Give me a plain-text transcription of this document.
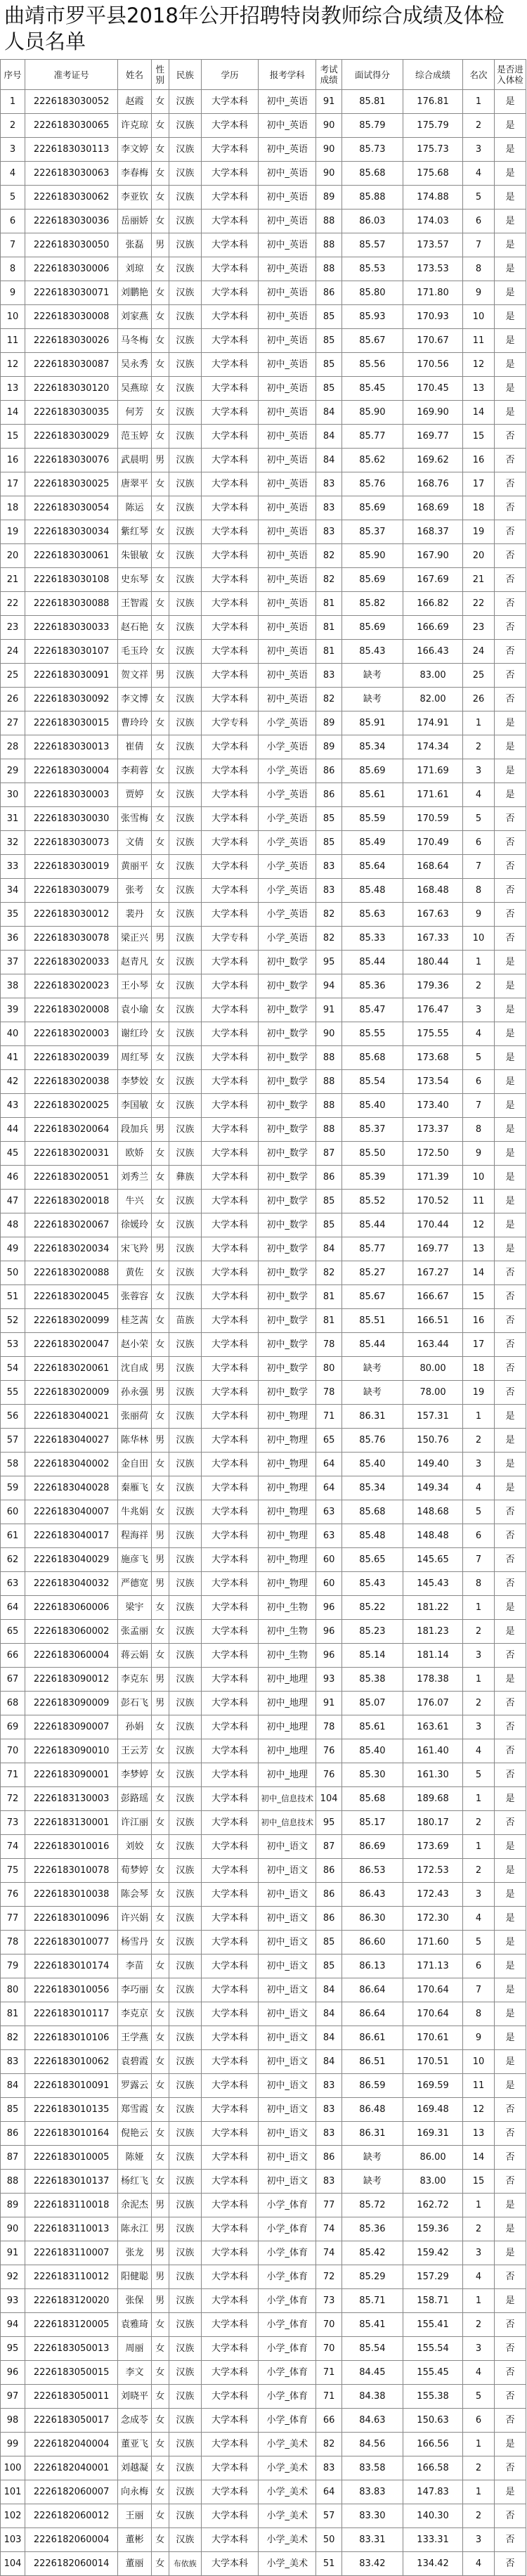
曲靖市罗平县2018年公开招聘特岗教师综合成绩及体检人员名单
序号	准考证号	姓名	性别	民族	学历	报考学科	考试成绩	面试得分	综合成绩	名次	是否进入体检
1	2226183030052	赵霞	女	汉族	大学本科	初中_英语	91	85.81	176.81	1	是
2	2226183030065	许克琼	女	汉族	大学本科	初中_英语	90	85.79	175.79	2	是
3	2226183030113	李文婷	女	汉族	大学本科	初中_英语	90	85.73	175.73	3	是
4	2226183030063	李春梅	女	汉族	大学本科	初中_英语	90	85.68	175.68	4	是
5	2226183030062	李亚钦	女	汉族	大学本科	初中_英语	89	85.88	174.88	5	是
6	2226183030036	岳丽娇	女	汉族	大学本科	初中_英语	88	86.03	174.03	6	是
7	2226183030050	张磊	男	汉族	大学本科	初中_英语	88	85.57	173.57	7	是
8	2226183030006	刘琼	女	汉族	大学本科	初中_英语	88	85.53	173.53	8	是
9	2226183030071	刘鹏艳	女	汉族	大学本科	初中_英语	86	85.80	171.80	9	是
10	2226183030008	刘家燕	女	汉族	大学本科	初中_英语	85	85.93	170.93	10	是
11	2226183030026	马冬梅	女	汉族	大学本科	初中_英语	85	85.67	170.67	11	是
12	2226183030087	吴永秀	女	汉族	大学本科	初中_英语	85	85.56	170.56	12	是
13	2226183030120	吴燕琼	女	汉族	大学本科	初中_英语	85	85.45	170.45	13	是
14	2226183030035	何芳	女	汉族	大学本科	初中_英语	84	85.90	169.90	14	是
15	2226183030029	范玉婷	女	汉族	大学本科	初中_英语	84	85.77	169.77	15	否
16	2226183030076	武晨明	男	汉族	大学本科	初中_英语	84	85.62	169.62	16	否
17	2226183030025	唐翠平	女	汉族	大学本科	初中_英语	83	85.76	168.76	17	否
18	2226183030054	陈运	女	汉族	大学本科	初中_英语	83	85.69	168.69	18	否
19	2226183030034	紫红琴	女	汉族	大学本科	初中_英语	83	85.37	168.37	19	否
20	2226183030061	朱银敏	女	汉族	大学本科	初中_英语	82	85.90	167.90	20	否
21	2226183030108	史东琴	女	汉族	大学本科	初中_英语	82	85.69	167.69	21	否
22	2226183030088	王智霞	女	汉族	大学本科	初中_英语	81	85.82	166.82	22	否
23	2226183030033	赵石艳	女	汉族	大学本科	初中_英语	81	85.69	166.69	23	否
24	2226183030107	毛玉玲	女	汉族	大学本科	初中_英语	81	85.43	166.43	24	否
25	2226183030091	贺文祥	男	汉族	大学本科	初中_英语	83	缺考	83.00	25	否
26	2226183030092	李文博	女	汉族	大学本科	初中_英语	82	缺考	82.00	26	否
27	2226183030015	曹玲玲	女	汉族	大学专科	小学_英语	89	85.91	174.91	1	是
28	2226183030013	崔倩	女	汉族	大学本科	小学_英语	89	85.34	174.34	2	是
29	2226183030004	李莉蓉	女	汉族	大学本科	小学_英语	86	85.69	171.69	3	是
30	2226183030003	贾婷	女	汉族	大学本科	小学_英语	86	85.61	171.61	4	是
31	2226183030030	张雪梅	女	汉族	大学本科	小学_英语	85	85.59	170.59	5	否
32	2226183030073	文倩	女	汉族	大学本科	小学_英语	85	85.49	170.49	6	否
33	2226183030019	黄丽平	女	汉族	大学本科	小学_英语	83	85.64	168.64	7	否
34	2226183030079	张考	女	汉族	大学本科	小学_英语	83	85.48	168.48	8	否
35	2226183030012	裴丹	女	汉族	大学本科	小学_英语	82	85.63	167.63	9	否
36	2226183030078	梁正兴	男	汉族	大学专科	小学_英语	82	85.33	167.33	10	否
37	2226183020033	赵青凡	女	汉族	大学本科	初中_数学	95	85.44	180.44	1	是
38	2226183020023	王小琴	女	汉族	大学本科	初中_数学	94	85.36	179.36	2	是
39	2226183020008	袁小瑜	女	汉族	大学本科	初中_数学	91	85.47	176.47	3	是
40	2226183020003	谢红玲	女	汉族	大学本科	初中_数学	90	85.55	175.55	4	是
41	2226183020039	周红琴	女	汉族	大学本科	初中_数学	88	85.68	173.68	5	是
42	2226183020038	李梦姣	女	汉族	大学本科	初中_数学	88	85.54	173.54	6	是
43	2226183020025	李国敏	女	汉族	大学本科	初中_数学	88	85.40	173.40	7	是
44	2226183020064	段加兵	男	汉族	大学本科	初中_数学	88	85.37	173.37	8	是
45	2226183020031	欧娇	女	汉族	大学本科	初中_数学	87	85.50	172.50	9	是
46	2226183020051	刘秀兰	女	彝族	大学本科	初中_数学	86	85.39	171.39	10	是
47	2226183020018	牛兴	女	汉族	大学本科	初中_数学	85	85.52	170.52	11	是
48	2226183020067	徐媛玲	女	汉族	大学本科	初中_数学	85	85.44	170.44	12	是
49	2226183020034	宋飞羚	男	汉族	大学本科	初中_数学	84	85.77	169.77	13	是
50	2226183020088	黄佐	女	汉族	大学本科	初中_数学	82	85.27	167.27	14	否
51	2226183020045	张蓉容	女	汉族	大学本科	初中_数学	81	85.67	166.67	15	否
52	2226183020099	桂芝茜	女	苗族	大学本科	初中_数学	81	85.51	166.51	16	否
53	2226183020047	赵小荣	女	汉族	大学本科	初中_数学	78	85.44	163.44	17	否
54	2226183020061	沈自成	男	汉族	大学本科	初中_数学	80	缺考	80.00	18	否
55	2226183020009	孙永强	男	汉族	大学本科	初中_数学	78	缺考	78.00	19	否
56	2226183040021	张丽荷	女	汉族	大学本科	初中_物理	71	86.31	157.31	1	是
57	2226183040027	陈华林	男	汉族	大学本科	初中_物理	65	85.76	150.76	2	是
58	2226183040002	金自田	女	汉族	大学本科	初中_物理	64	85.40	149.40	3	是
59	2226183040028	秦雁飞	女	汉族	大学本科	初中_物理	64	85.34	149.34	4	是
60	2226183040007	牛兆娟	女	汉族	大学本科	初中_物理	63	85.68	148.68	5	否
61	2226183040017	程海祥	男	汉族	大学本科	初中_物理	63	85.48	148.48	6	否
62	2226183040029	施彦飞	男	汉族	大学本科	初中_物理	60	85.65	145.65	7	否
63	2226183040032	严德宽	男	汉族	大学本科	初中_物理	60	85.43	145.43	8	否
64	2226183060006	梁宇	女	汉族	大学本科	初中_生物	96	85.22	181.22	1	是
65	2226183060002	张孟丽	女	汉族	大学本科	初中_生物	96	85.23	181.23	2	是
66	2226183060004	蒋云娟	女	汉族	大学本科	初中_生物	96	85.14	181.14	3	否
67	2226183090012	李克东	男	汉族	大学本科	初中_地理	93	85.38	178.38	1	是
68	2226183090009	彭石飞	男	汉族	大学本科	初中_地理	91	85.07	176.07	2	否
69	2226183090007	孙娟	女	汉族	大学本科	初中_地理	78	85.61	163.61	3	否
70	2226183090010	王云芳	女	汉族	大学本科	初中_地理	76	85.40	161.40	4	否
71	2226183090001	李梦婷	女	汉族	大学本科	初中_地理	76	85.30	161.30	5	否
72	2226183130003	彭路瑶	女	汉族	大学本科	初中_信息技术	104	85.68	189.68	1	是
73	2226183130001	许江丽	女	汉族	大学本科	初中_信息技术	95	85.17	180.17	2	否
74	2226183010016	刘姣	女	汉族	大学本科	初中_语文	87	86.69	173.69	1	是
75	2226183010078	荀梦婷	女	汉族	大学本科	初中_语文	86	86.53	172.53	2	是
76	2226183010038	陈会琴	女	汉族	大学本科	初中_语文	86	86.43	172.43	3	是
77	2226183010096	许兴娟	女	汉族	大学本科	初中_语文	86	86.30	172.30	4	是
78	2226183010077	杨雪丹	女	汉族	大学本科	初中_语文	85	86.60	171.60	5	是
79	2226183010174	李苗	女	汉族	大学本科	初中_语文	85	86.13	171.13	6	是
80	2226183010056	李巧丽	女	汉族	大学本科	初中_语文	84	86.64	170.64	7	是
81	2226183010117	李克京	女	汉族	大学本科	初中_语文	84	86.64	170.64	8	是
82	2226183010106	王学燕	女	汉族	大学本科	初中_语文	84	86.61	170.61	9	是
83	2226183010062	袁碧霞	女	汉族	大学本科	初中_语文	84	86.51	170.51	10	是
84	2226183010091	罗露云	女	汉族	大学本科	初中_语文	83	86.59	169.59	11	是
85	2226183010135	郑雪霞	女	汉族	大学本科	初中_语文	83	86.48	169.48	12	否
86	2226183010164	倪艳云	女	汉族	大学本科	初中_语文	83	86.31	169.31	13	否
87	2226183010005	陈娅	女	汉族	大学本科	初中_语文	86	缺考	86.00	14	否
88	2226183010137	杨红飞	女	汉族	大学本科	初中_语文	83	缺考	83.00	15	否
89	2226183110018	余泥杰	男	汉族	大学本科	小学_体育	77	85.72	162.72	1	是
90	2226183110013	陈永江	男	汉族	大学本科	小学_体育	74	85.36	159.36	2	是
91	2226183110007	张龙	男	汉族	大学本科	小学_体育	74	85.42	159.42	3	是
92	2226183110012	阳健聪	男	汉族	大学本科	小学_体育	72	85.29	157.29	4	否
93	2226183120020	张保	男	汉族	大学本科	小学_体育	73	85.71	158.71	1	是
94	2226183120005	袁雅琦	女	汉族	大学本科	小学_体育	70	85.41	155.41	2	否
95	2226183050013	周丽	女	汉族	大学本科	小学_体育	70	85.54	155.54	3	否
96	2226183050015	李文	女	汉族	大学本科	小学_体育	71	84.45	155.45	4	否
97	2226183050011	刘晓平	女	汉族	大学本科	小学_体育	71	84.38	155.38	5	否
98	2226183050017	念成苓	女	汉族	大学本科	小学_体育	66	84.63	150.63	6	否
99	2226182040004	董亚飞	女	汉族	大学本科	小学_美术	82	84.56	166.56	1	是
100	2226182040001	刘越凝	女	汉族	大学本科	小学_美术	83	83.58	166.58	2	否
101	2226182060007	向永梅	女	汉族	大学本科	小学_美术	64	83.83	147.83	1	是
102	2226182060012	王丽	女	汉族	大学本科	小学_美术	57	83.30	140.30	2	否
103	2226182060004	董彬	女	汉族	大学本科	小学_美术	50	83.31	133.31	3	否
104	2226182060014	董丽	女	布依族	大学本科	小学_美术	51	83.42	134.42	4	否
